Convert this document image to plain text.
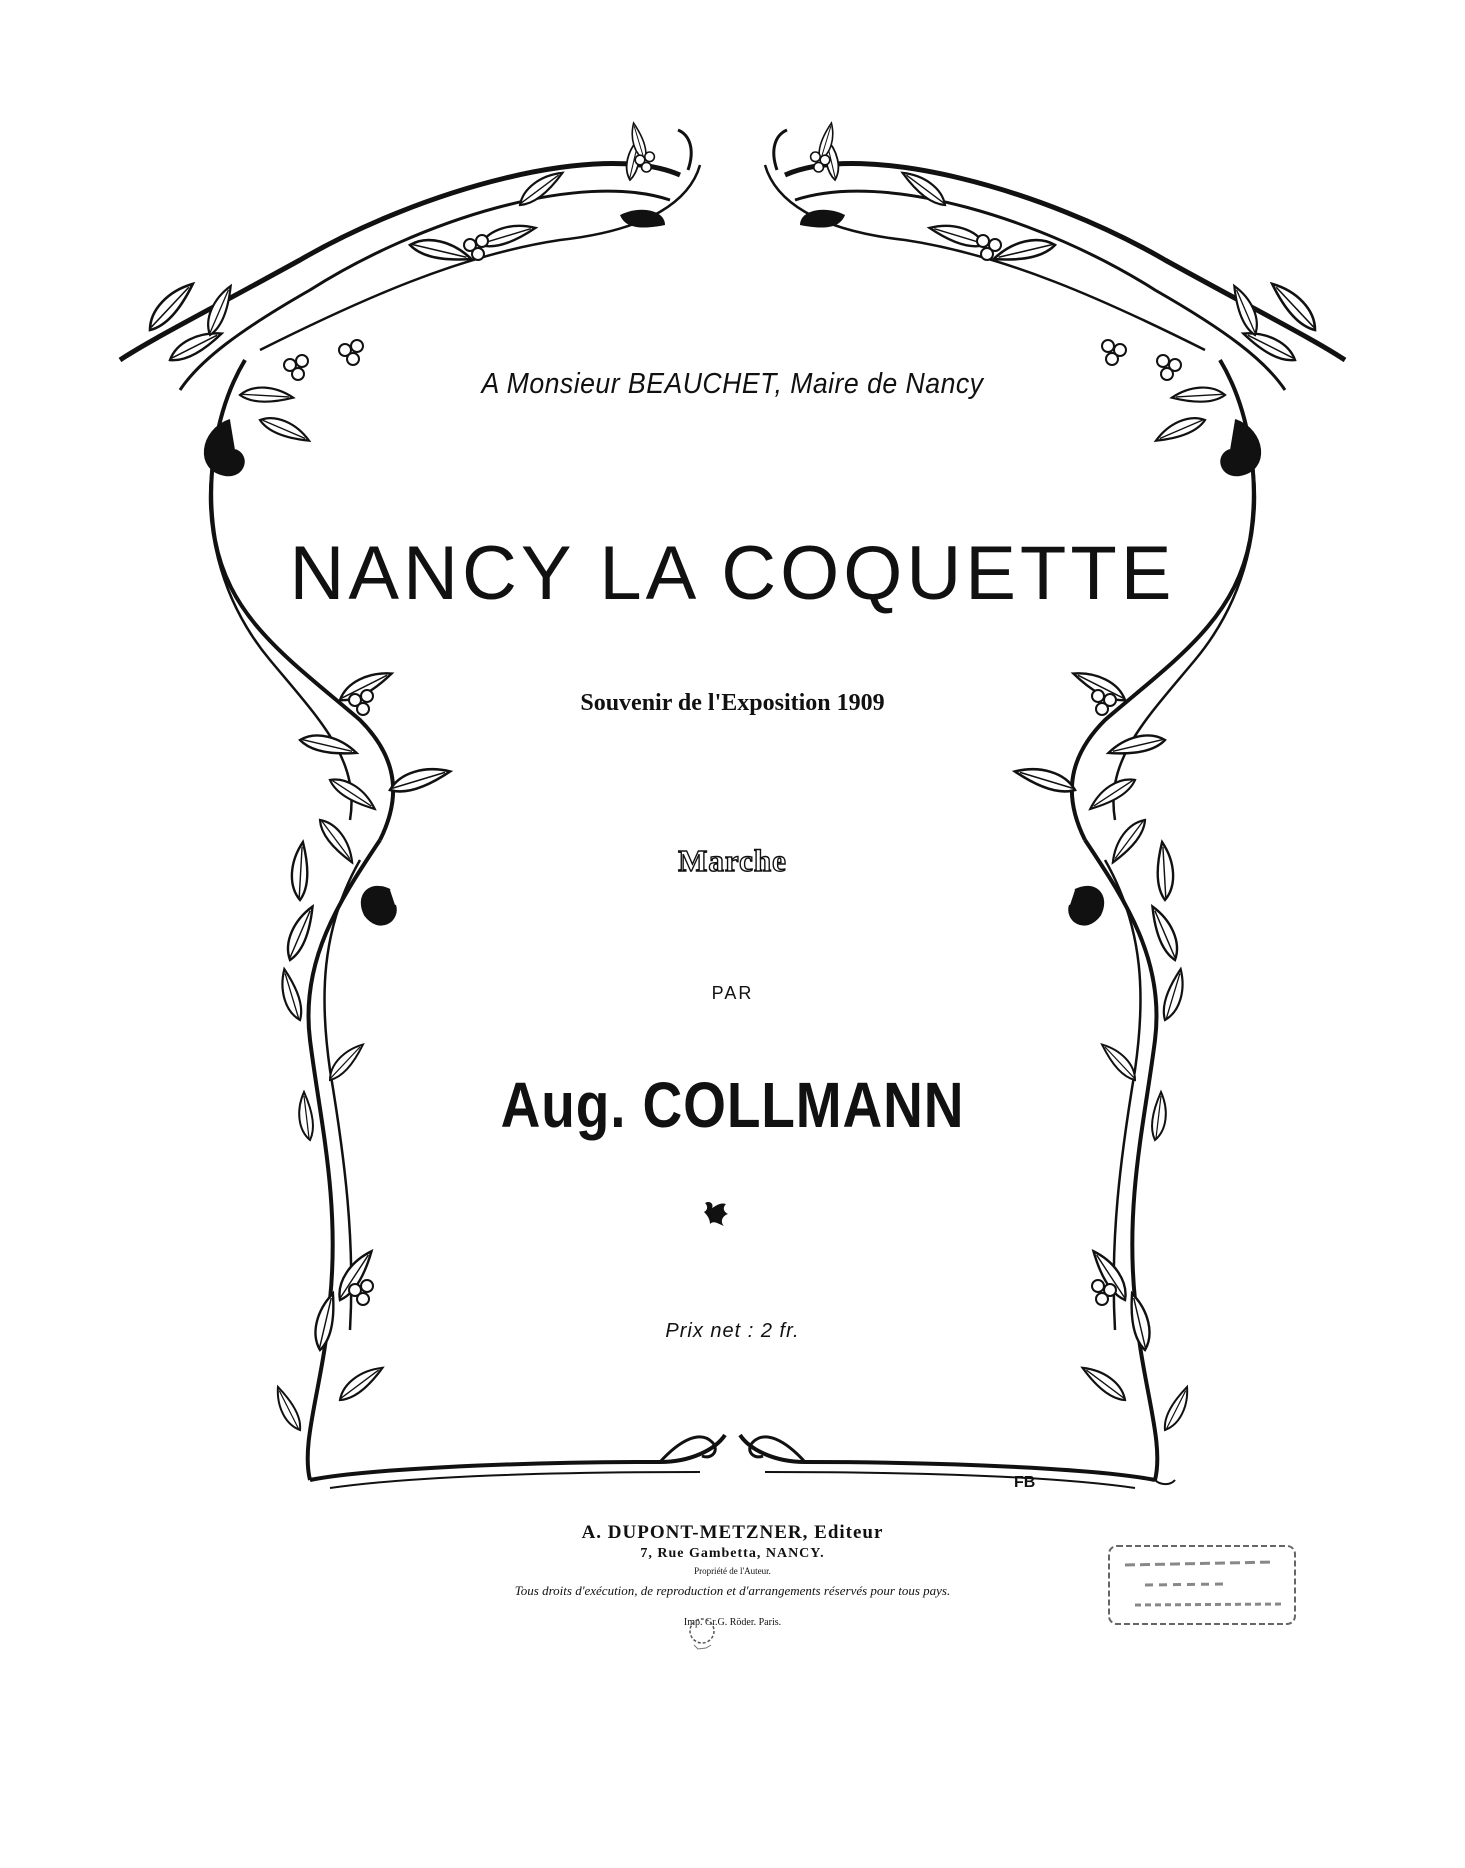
A Monsieur BEAUCHET, Maire de Nancy
NANCY LA COQUETTE
Souvenir de l'Exposition 1909
Marche
PAR
Aug. COLLMANN
Prix net : 2 fr.
FB
A. DUPONT-METZNER, Editeur
7, Rue Gambetta, NANCY.
Propriété de l'Auteur.
Tous droits d'exécution, de reproduction et d'arrangements réservés pour tous pays.
Imp. Gr.G. Röder. Paris.
